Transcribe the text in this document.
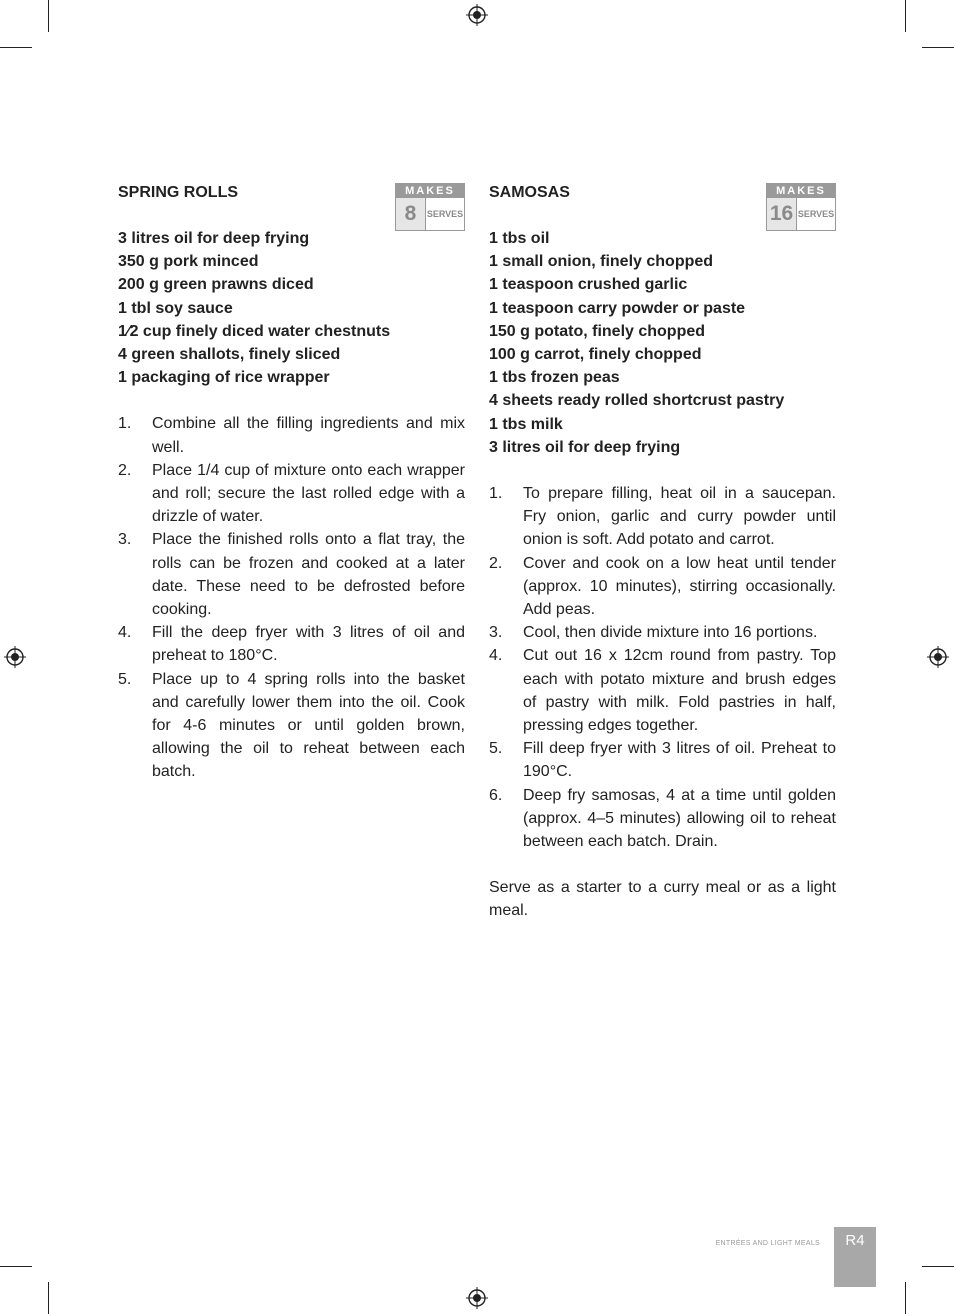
SPRING ROLLS	MAKES
8	SERVES
3 litres oil for deep frying
350 g pork minced
200 g green prawns diced
1 tbl soy sauce
1⁄2 cup finely diced water chestnuts
4 green shallots, finely sliced
1 packaging of rice wrapper
1. Combine all the filling ingredients and mix well.
2. Place 1/4 cup of mixture onto each wrapper and roll; secure the last rolled edge with a drizzle of water.
3. Place the finished rolls onto a flat tray, the rolls can be frozen and cooked at a later date. These need to be defrosted before cooking.
4. Fill the deep fryer with 3 litres of oil and preheat to 180°C.
5. Place up to 4 spring rolls into the basket and carefully lower them into the oil. Cook for 4-6 minutes or until golden brown, allowing the oil to reheat between each batch.
SAMOSAS	MAKES
16 SERVES
1 tbs oil
1 small onion, finely chopped
1 teaspoon crushed garlic
1 teaspoon carry powder or paste
150 g potato, finely chopped
100 g carrot, finely chopped
1 tbs frozen peas
4 sheets ready rolled shortcrust pastry
1 tbs milk
3 litres oil for deep frying
1. To prepare filling, heat oil in a saucepan. Fry onion, garlic and curry powder until onion is soft. Add potato and carrot.
2. Cover and cook on a low heat until tender (approx. 10 minutes), stirring occasionally. Add peas.
3. Cool, then divide mixture into 16 portions.
4. Cut out 16 x 12cm round from pastry. Top each with potato mixture and brush edges of pastry with milk. Fold pastries in half, pressing edges together.
5. Fill deep fryer with 3 litres of oil. Preheat to 190°C.
6. Deep fry samosas, 4 at a time until golden (approx. 4–5 minutes) allowing oil to reheat between each batch. Drain.

Serve as a starter to a curry meal or as a light meal.

ENTRÉES AND LIGHT MEALS	R4
